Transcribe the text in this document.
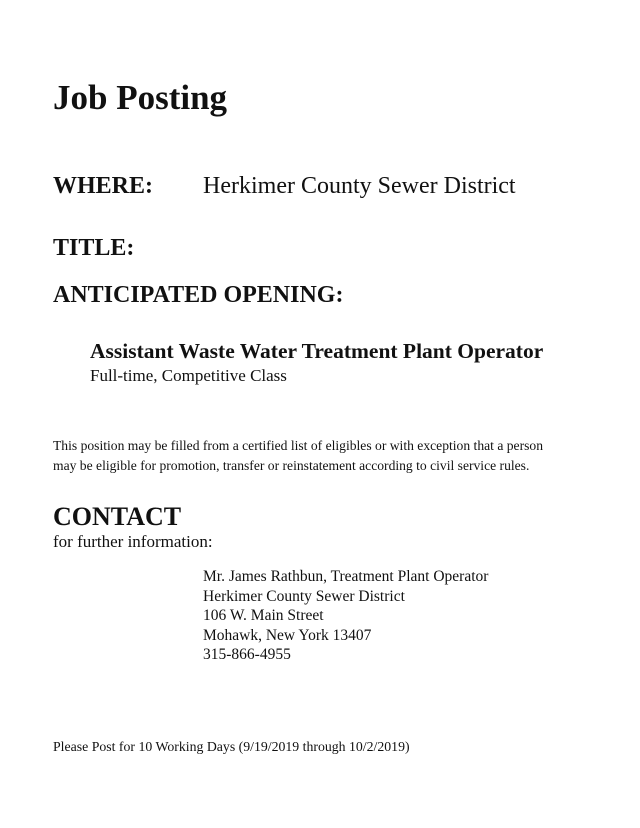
Job Posting
WHERE: Herkimer County Sewer District
TITLE:
ANTICIPATED OPENING:
Assistant Waste Water Treatment Plant Operator
Full-time, Competitive Class
This position may be filled from a certified list of eligibles or with exception that a person
may be eligible for promotion, transfer or reinstatement according to civil service rules.
CONTACT
for further information:
Mr. James Rathbun, Treatment Plant Operator
Herkimer County Sewer District
106 W. Main Street
Mohawk, New York 13407
315-866-4955
Please Post for 10 Working Days (9/19/2019 through 10/2/2019)
